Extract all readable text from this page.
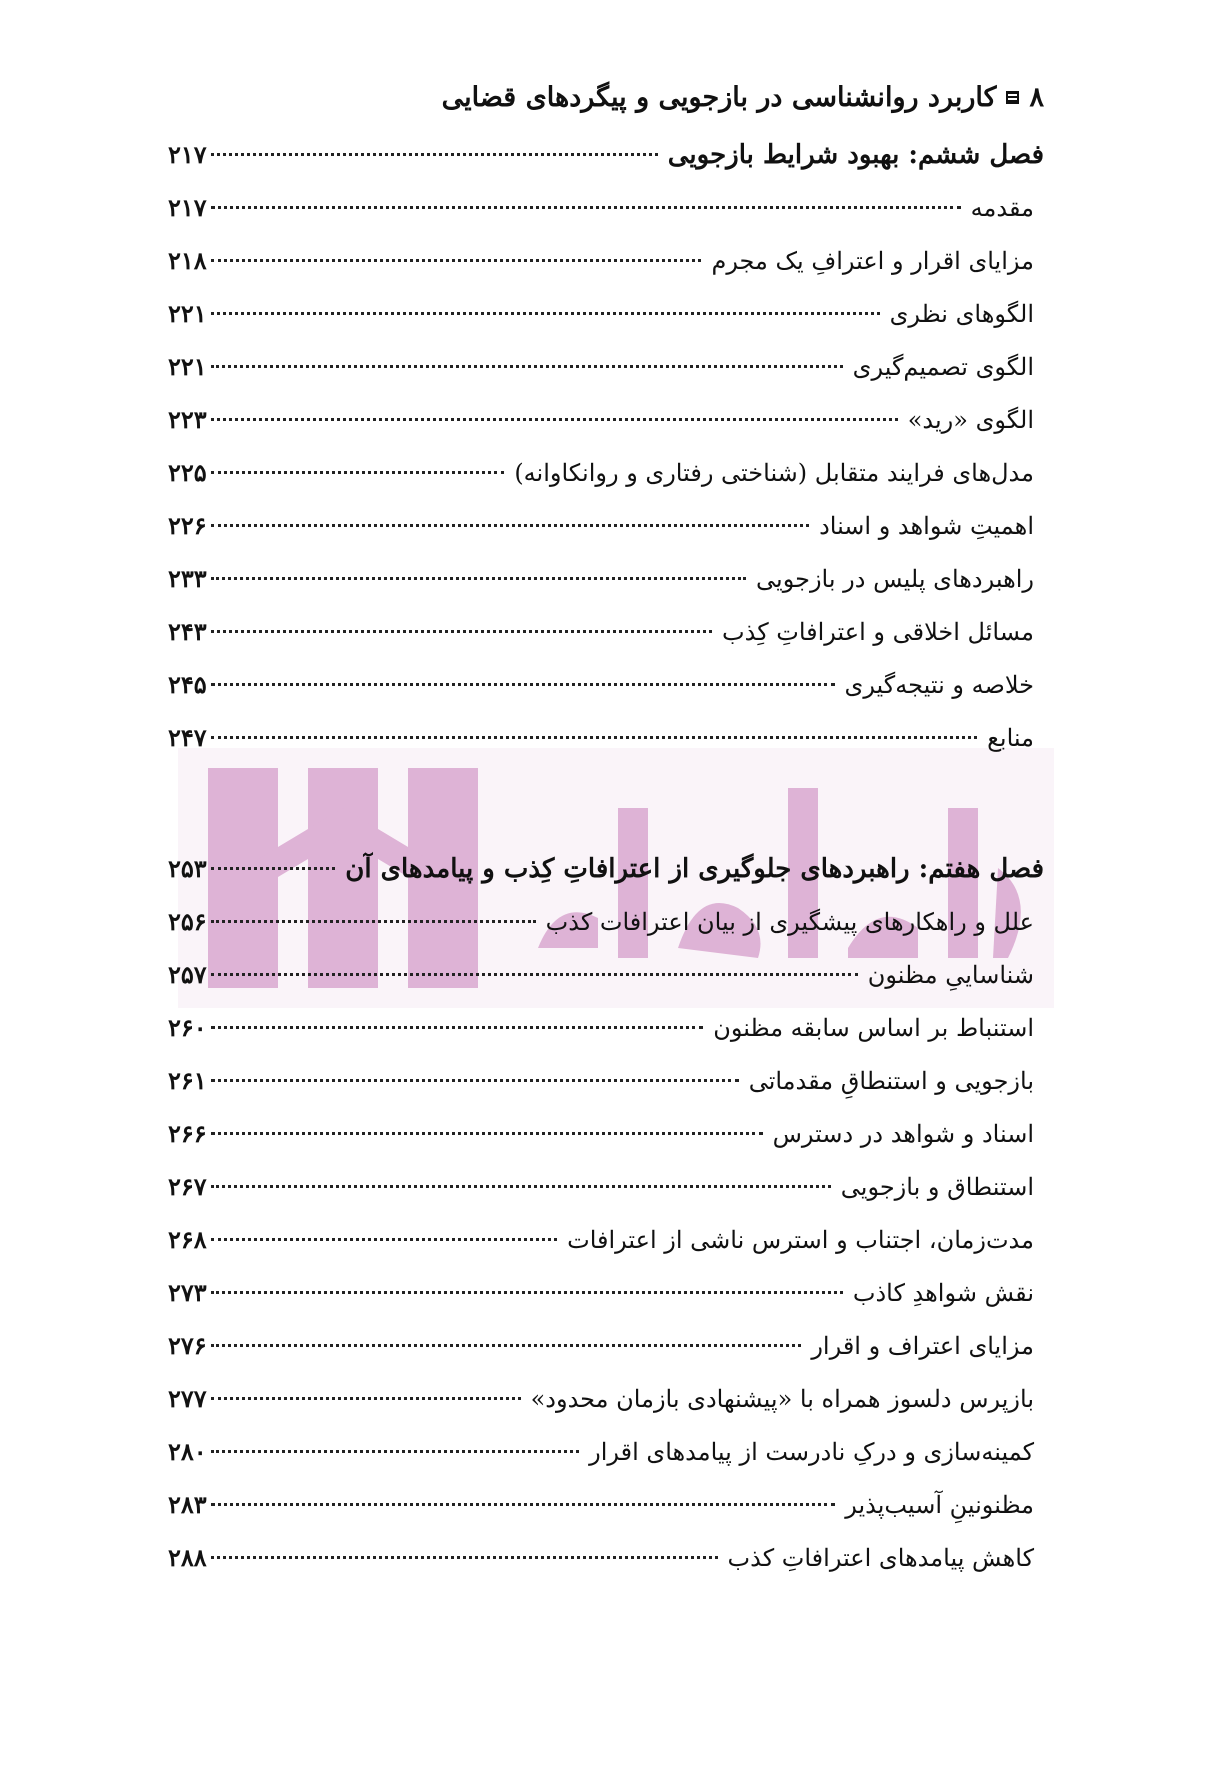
۸
کاربرد روانشناسی در بازجویی و پیگردهای قضایی
فصل ششم: بهبود شرایط بازجویی
۲۱۷
مقدمه
۲۱۷
مزایای اقرار و اعترافِ یک مجرم
۲۱۸
الگوهای نظری
۲۲۱
الگوی تصمیم‌گیری
۲۲۱
الگوی «رید»
۲۲۳
مدل‌های فرایند متقابل (شناختی رفتاری و روانکاوانه)
۲۲۵
اهمیتِ شواهد و اسناد
۲۲۶
راهبردهای پلیس در بازجویی
۲۳۳
مسائل اخلاقی و اعترافاتِ کِذب
۲۴۳
خلاصه و نتیجه‌گیری
۲۴۵
منابع
۲۴۷
فصل هفتم: راهبردهای جلوگیری از اعترافاتِ کِذب و پیامدهای آن
۲۵۳
علل و راهکارهای پیشگیری از بیان اعترافات کذب
۲۵۶
شناساییِ مظنون
۲۵۷
استنباط بر اساس سابقه مظنون
۲۶۰
بازجویی و استنطاقِ مقدماتی
۲۶۱
اسناد و شواهد در دسترس
۲۶۶
استنطاق و بازجویی
۲۶۷
مدت‌زمان، اجتناب و استرس ناشی از اعترافات
۲۶۸
نقش شواهدِ کاذب
۲۷۳
مزایای اعتراف و اقرار
۲۷۶
بازپرس دلسوز همراه با «پیشنهادی بازمان محدود»
۲۷۷
کمینه‌سازی و درکِ نادرست از پیامدهای اقرار
۲۸۰
مظنونینِ آسیب‌پذیر
۲۸۳
کاهش پیامدهای اعترافاتِ کذب
۲۸۸
